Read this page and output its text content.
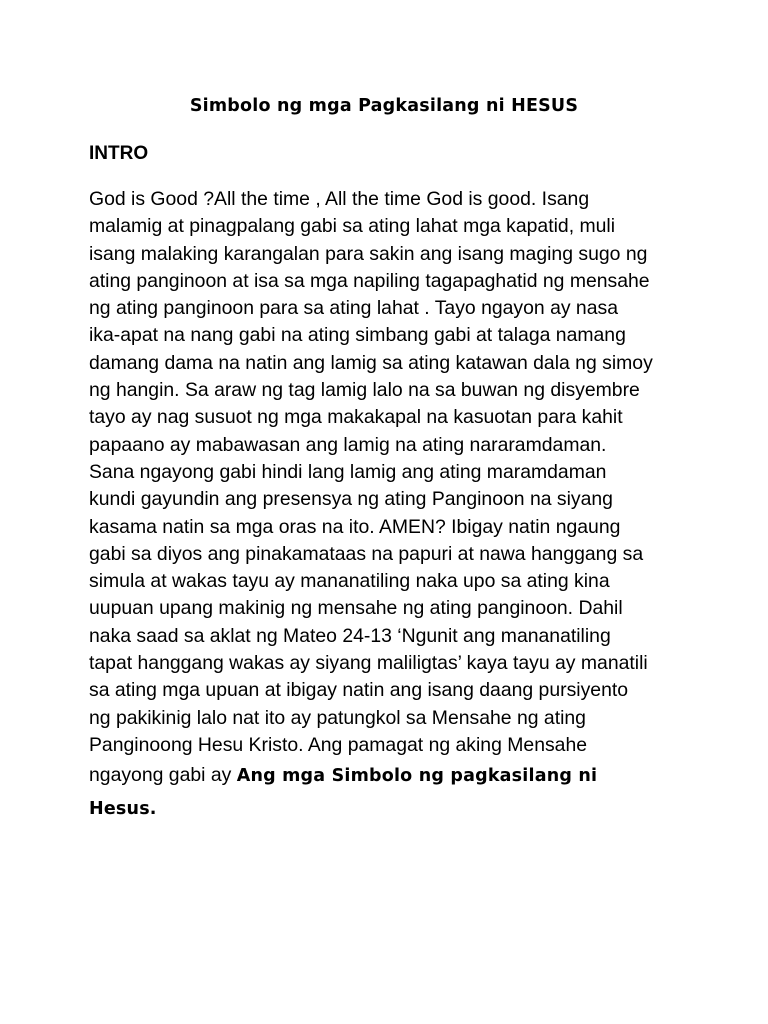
Simbolo ng mga Pagkasilang ni HESUS
INTRO
God is Good ?All the time , All the time God is good. Isang
malamig at pinagpalang gabi sa ating lahat mga kapatid, muli
isang malaking karangalan para sakin ang isang maging sugo ng
ating panginoon at isa sa mga napiling tagapaghatid ng mensahe
ng ating panginoon para sa ating lahat . Tayo ngayon ay nasa
ika-apat na nang gabi na ating simbang gabi at talaga namang
damang dama na natin ang lamig sa ating katawan dala ng simoy
ng hangin. Sa araw ng tag lamig lalo na sa buwan ng disyembre
tayo ay nag susuot ng mga makakapal na kasuotan para kahit
papaano ay mabawasan ang lamig na ating nararamdaman.
Sana ngayong gabi hindi lang lamig ang ating maramdaman
kundi gayundin ang presensya ng ating Panginoon na siyang
kasama natin sa mga oras na ito. AMEN? Ibigay natin ngaung
gabi sa diyos ang pinakamataas na papuri at nawa hanggang sa
simula at wakas tayu ay mananatiling naka upo sa ating kina
uupuan upang makinig ng mensahe ng ating panginoon. Dahil
naka saad sa aklat ng Mateo 24-13 ‘Ngunit ang mananatiling
tapat hanggang wakas ay siyang maliligtas’ kaya tayu ay manatili
sa ating mga upuan at ibigay natin ang isang daang pursiyento
ng pakikinig lalo nat ito ay patungkol sa Mensahe ng ating
Panginoong Hesu Kristo. Ang pamagat ng aking Mensahe
ngayong gabi ay Ang mga Simbolo ng pagkasilang ni
Hesus.
